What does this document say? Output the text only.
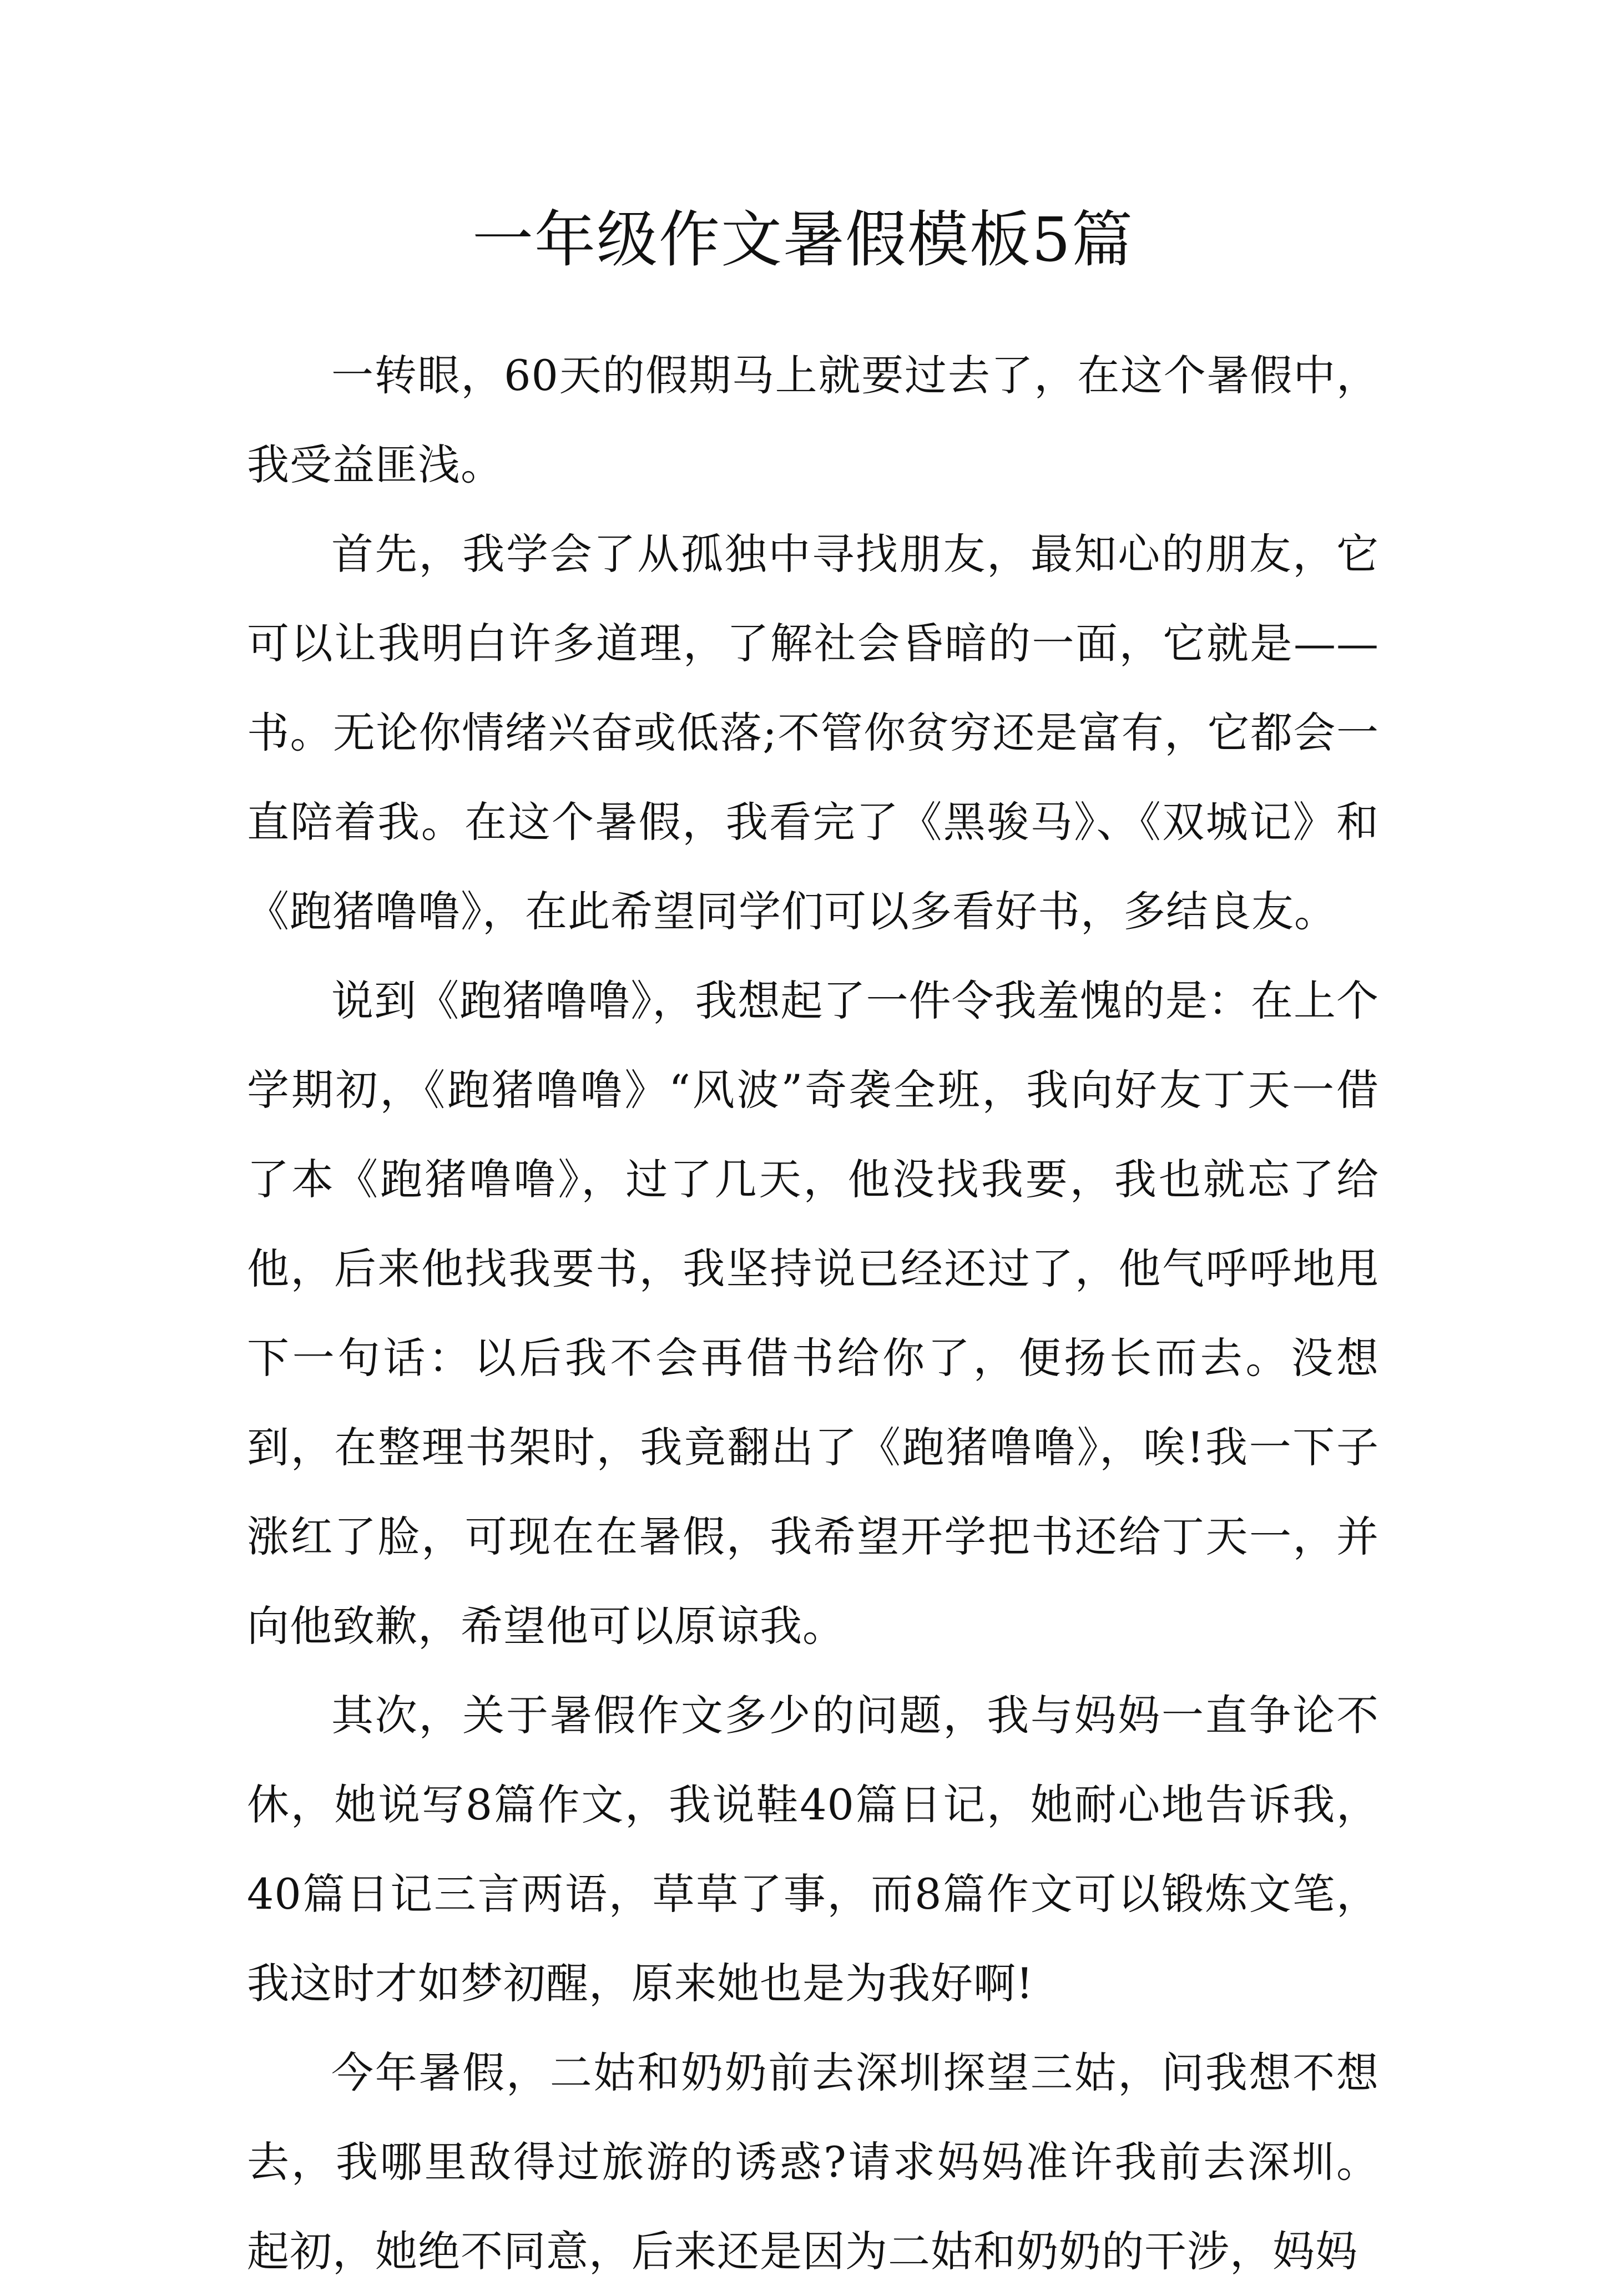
一年级作文暑假模板5篇

一转眼，60天的假期马上就要过去了，在这个暑假中，我受益匪浅。

首先，我学会了从孤独中寻找朋友，最知心的朋友，它可以让我明白许多道理，了解社会昏暗的一面，它就是——书。无论你情绪兴奋或低落;不管你贫穷还是富有，它都会一直陪着我。在这个暑假，我看完了《黑骏马》、《双城记》和《跑猪噜噜》，在此希望同学们可以多看好书，多结良友。

说到《跑猪噜噜》，我想起了一件令我羞愧的是：在上个学期初，《跑猪噜噜》“风波”奇袭全班，我向好友丁天一借了本《跑猪噜噜》，过了几天，他没找我要，我也就忘了给他，后来他找我要书，我坚持说已经还过了，他气呼呼地甩下一句话：以后我不会再借书给你了，便扬长而去。没想到，在整理书架时，我竟翻出了《跑猪噜噜》，唉!我一下子涨红了脸，可现在在暑假，我希望开学把书还给丁天一，并向他致歉，希望他可以原谅我。

其次，关于暑假作文多少的问题，我与妈妈一直争论不休，她说写8篇作文，我说鞋40篇日记，她耐心地告诉我，40篇日记三言两语，草草了事，而8篇作文可以锻炼文笔，我这时才如梦初醒，原来她也是为我好啊!

今年暑假，二姑和奶奶前去深圳探望三姑，问我想不想去，我哪里敌得过旅游的诱惑?请求妈妈准许我前去深圳。起初，她绝不同意，后来还是因为二姑和奶奶的干涉，妈妈
